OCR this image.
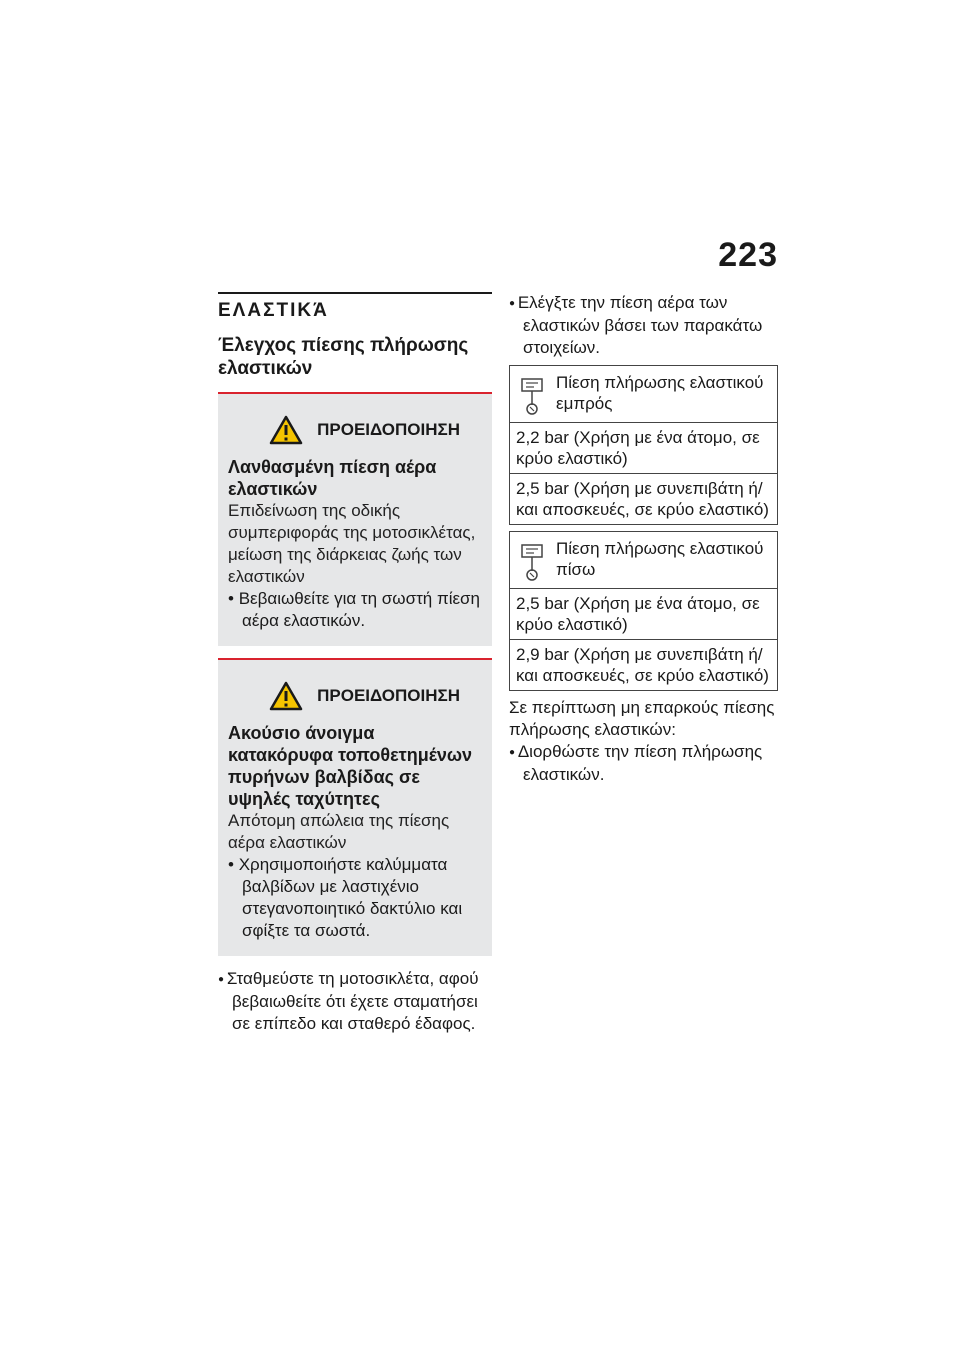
223
ΕΛΑΣΤΙΚΆ
Έλεγχος πίεσης πλήρωσης ελαστικών
ΠΡΟΕΙΔΟΠΟΙΗΣΗ
Λανθασμένη πίεση αέρα ελαστικών
Επιδείνωση της οδικής συμπεριφοράς της μοτοσικλέτας, μείωση της διάρκειας ζωής των ελαστικών
• Βεβαιωθείτε για τη σωστή πίεση αέρα ελαστικών.
ΠΡΟΕΙΔΟΠΟΙΗΣΗ
Ακούσιο άνοιγμα κατακόρυφα τοποθετημένων πυρήνων βαλβίδας σε υψηλές ταχύτητες
Απότομη απώλεια της πίεσης αέρα ελαστικών
• Χρησιμοποιήστε καλύμματα βαλβίδων με λαστιχένιο στεγανοποιητικό δακτύλιο και σφίξτε τα σωστά.
● Σταθμεύστε τη μοτοσικλέτα, αφού βεβαιωθείτε ότι έχετε σταματήσει σε επίπεδο και σταθερό έδαφος.
● Ελέγξτε την πίεση αέρα των ελαστικών βάσει των παρακάτω στοιχείων.
Πίεση πλήρωσης ελαστικού εμπρός

2,2 bar (Χρήση με ένα άτομο, σε κρύο ελαστικό)
2,5 bar (Χρήση με συνεπιβάτη ή/και αποσκευές, σε κρύο ελαστικό)
Πίεση πλήρωσης ελαστικού πίσω

2,5 bar (Χρήση με ένα άτομο, σε κρύο ελαστικό)
2,9 bar (Χρήση με συνεπιβάτη ή/και αποσκευές, σε κρύο ελαστικό)
Σε περίπτωση μη επαρκούς πίεσης πλήρωσης ελαστικών:
● Διορθώστε την πίεση πλήρωσης ελαστικών.
